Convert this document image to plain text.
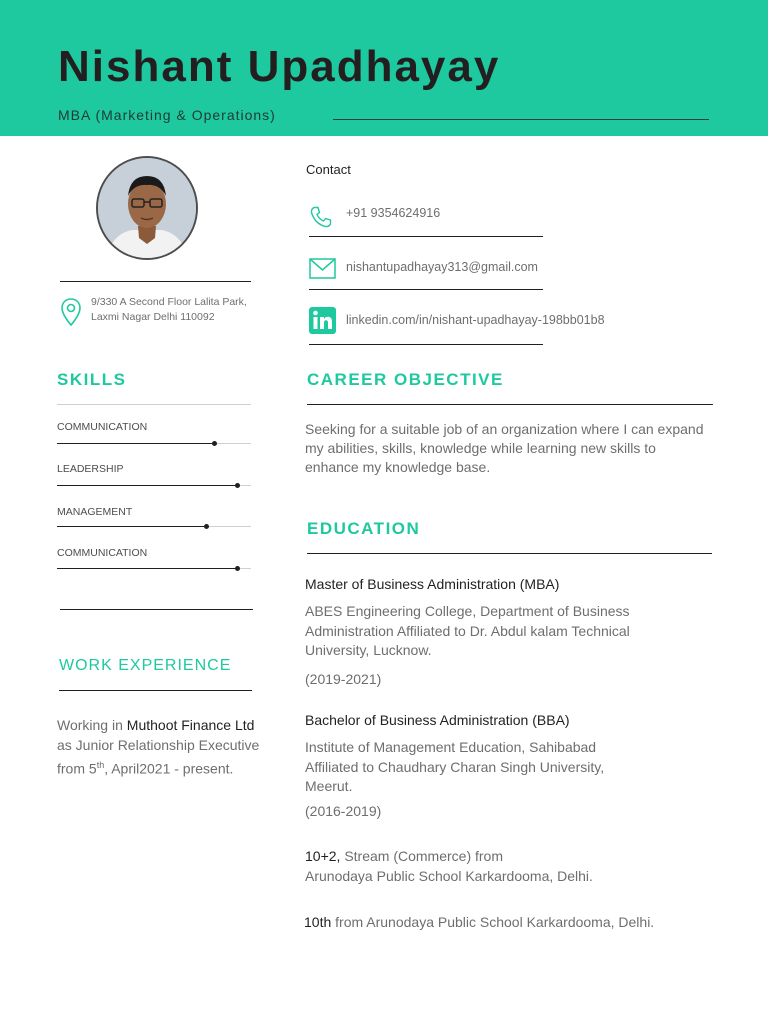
Nishant Upadhayay
MBA (Marketing & Operations)
9/330 A Second Floor Lalita Park,
Laxmi Nagar Delhi 110092
Contact
+91 9354624916
nishantupadhayay313@gmail.com
linkedin.com/in/nishant-upadhayay-198bb01b8
SKILLS
COMMUNICATION
LEADERSHIP
MANAGEMENT
COMMUNICATION
WORK EXPERIENCE
Working in Muthoot Finance Ltd
as Junior Relationship Executive
from 5th, April2021 - present.
CAREER OBJECTIVE
Seeking for a suitable job of an organization where I can expand my abilities, skills, knowledge while learning new skills to enhance my knowledge base.
EDUCATION
Master of Business Administration (MBA)
ABES Engineering College, Department of Business
Administration Affiliated to Dr. Abdul kalam Technical
University, Lucknow.
(2019-2021)
Bachelor of Business Administration (BBA)
Institute of Management Education, Sahibabad
Affiliated to Chaudhary Charan Singh University,
Meerut.
(2016-2019)
10+2, Stream (Commerce) from
Arunodaya Public School Karkardooma, Delhi.
10th from Arunodaya Public School Karkardooma, Delhi.
